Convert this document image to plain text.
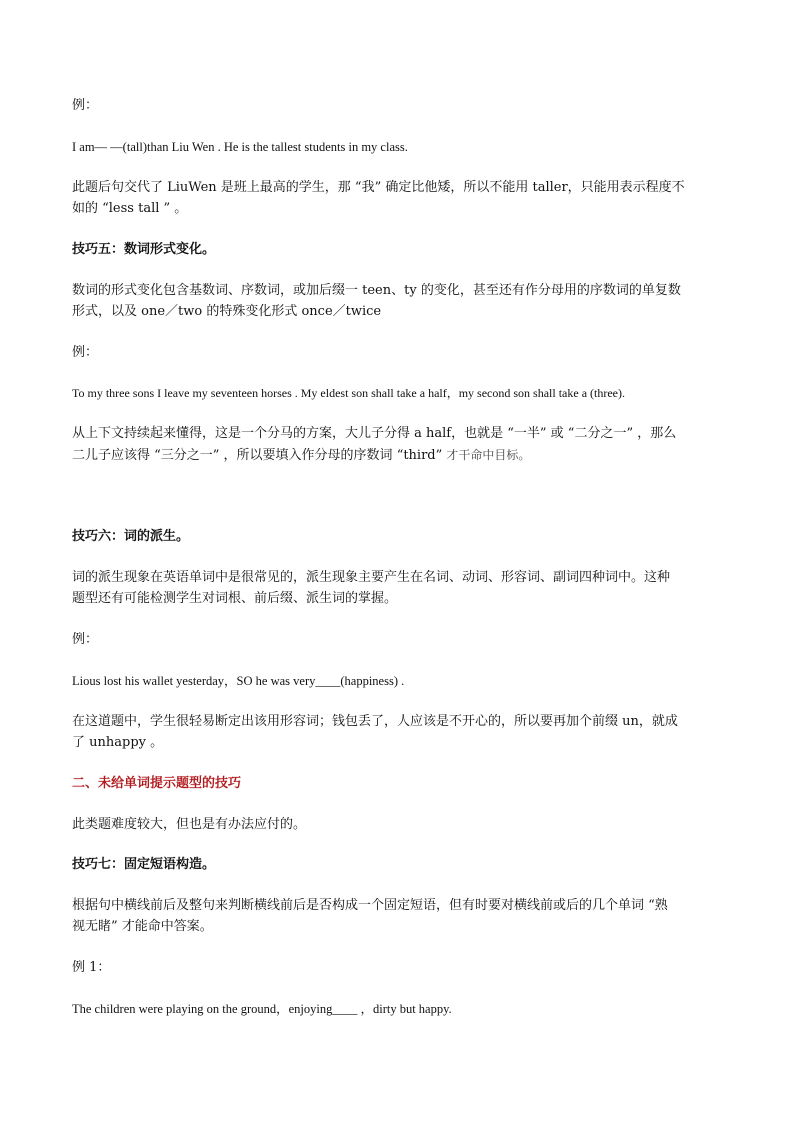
例：
I am— —(tall)than Liu Wen . He is the tallest students in my class.
此题后句交代了 LiuWen 是班上最高的学生，那 “我” 确定比他矮，所以不能用 taller，只能用表示程度不
如的 “less tall ” 。
技巧五：数词形式变化。
数词的形式变化包含基数词、序数词，或加后缀一 teen、ty 的变化，甚至还有作分母用的序数词的单复数
形式，以及 one／two 的特殊变化形式 once／twice
例：
To my three sons I leave my seventeen horses . My eldest son shall take a half，my second son shall take a (three).
从上下文持续起来懂得，这是一个分马的方案，大儿子分得 a half，也就是 “一半” 或 “二分之一” ，那么
二儿子应该得 “三分之一” ，所以要填入作分母的序数词 “third” 才干命中目标。
技巧六：词的派生。
词的派生现象在英语单词中是很常见的，派生现象主要产生在名词、动词、形容词、副词四种词中。这种
题型还有可能检测学生对词根、前后缀、派生词的掌握。
例：
Lious lost his wallet yesterday，SO he was very____(happiness) .
在这道题中，学生很轻易断定出该用形容词；钱包丢了，人应该是不开心的，所以要再加个前缀 un，就成
了 unhappy 。
二、未给单词提示题型的技巧
此类题难度较大，但也是有办法应付的。
技巧七：固定短语构造。
根据句中横线前后及整句来判断横线前后是否构成一个固定短语，但有时要对横线前或后的几个单词 “熟
视无睹” 才能命中答案。
例 1：
The children were playing on the ground，enjoying____ ，dirty but happy.
